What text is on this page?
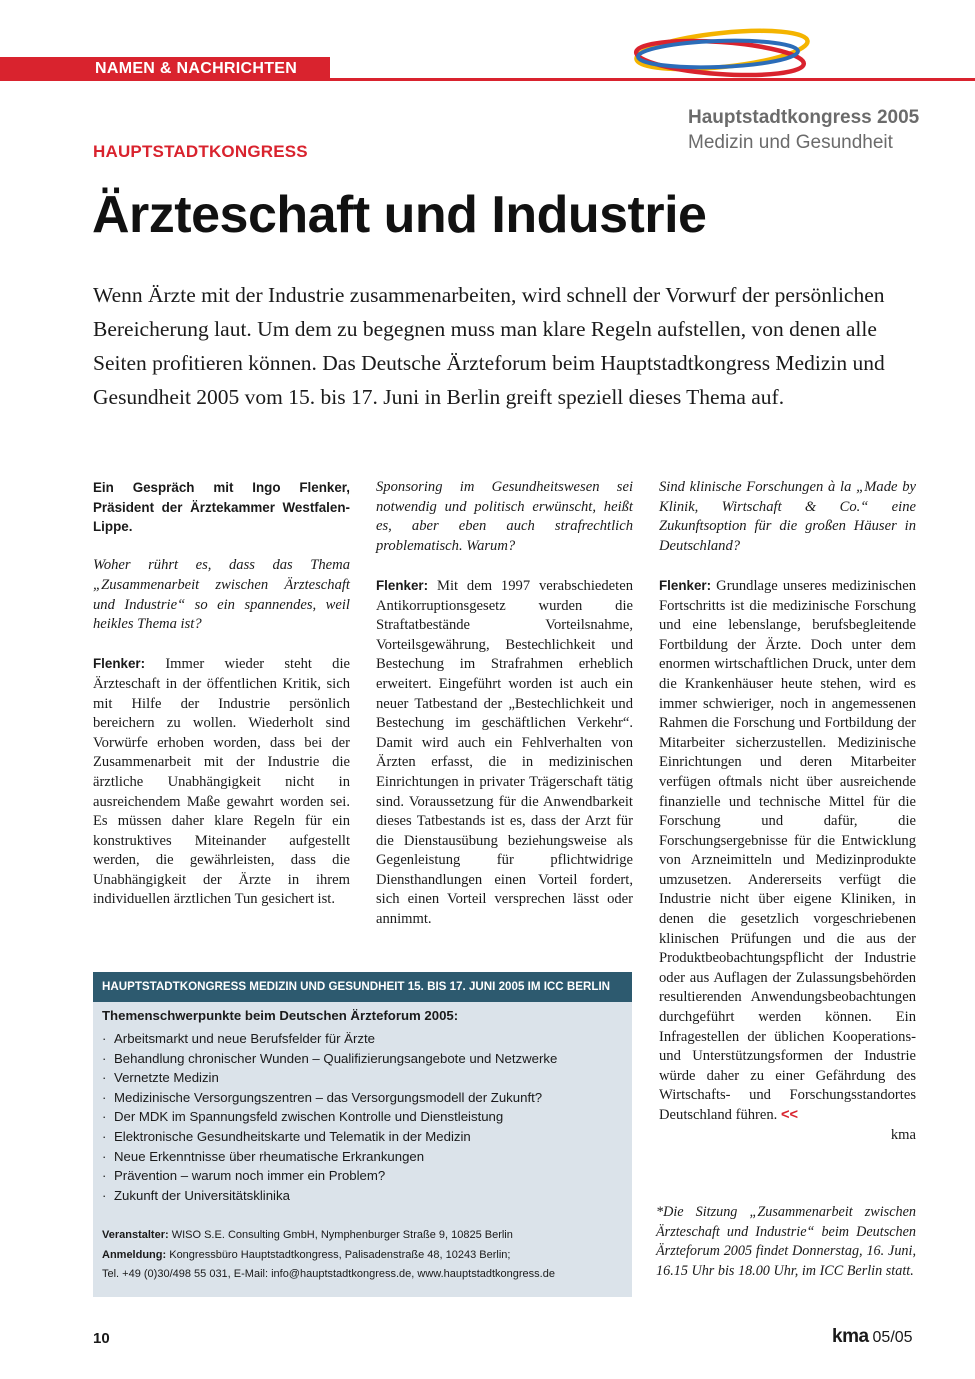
NAMEN & NACHRICHTEN
Hauptstadtkongress 2005
Medizin und Gesundheit
HAUPTSTADTKONGRESS
Ärzteschaft und Industrie
Wenn Ärzte mit der Industrie zusammenarbeiten, wird schnell der Vorwurf der persönlichen Bereicherung laut. Um dem zu begegnen muss man klare Regeln aufstellen, von denen alle Seiten profitieren können. Das Deutsche Ärzteforum beim Hauptstadtkongress Medizin und Gesundheit 2005 vom 15. bis 17. Juni in Berlin greift speziell dieses Thema auf.

Ein Gespräch mit Ingo Flenker, Präsident der Ärztekammer Westfalen-Lippe.

Woher rührt es, dass das Thema „Zusammenarbeit zwischen Ärzteschaft und Industrie“ so ein spannendes, weil heikles Thema ist?

Flenker: Immer wieder steht die Ärzteschaft in der öffentlichen Kritik, sich mit Hilfe der Industrie persönlich bereichern zu wollen. Wiederholt sind Vorwürfe erhoben worden, dass bei der Zusammenarbeit mit der Industrie die ärztliche Unabhängigkeit nicht in ausreichendem Maße gewahrt worden sei. Es müssen daher klare Regeln für ein konstruktives Miteinander aufgestellt werden, die gewährleisten, dass die Unabhängigkeit der Ärzte in ihrem individuellen ärztlichen Tun gesichert ist.

Sponsoring im Gesundheitswesen sei notwendig und politisch erwünscht, heißt es, aber eben auch strafrechtlich problematisch. Warum?

Flenker: Mit dem 1997 verabschiedeten Antikorruptionsgesetz wurden die Straftatbestände Vorteilsnahme, Vorteilsgewährung, Bestechlichkeit und Bestechung im Strafrahmen erheblich erweitert. Eingeführt worden ist auch ein neuer Tatbestand der „Bestechlichkeit und Bestechung im geschäftlichen Verkehr“. Damit wird auch ein Fehlverhalten von Ärzten erfasst, die in medizinischen Einrichtungen in privater Trägerschaft tätig sind. Voraussetzung für die Anwendbarkeit dieses Tatbestands ist es, dass der Arzt für die Dienstausübung beziehungsweise als Gegenleistung für pflichtwidrige Diensthandlungen einen Vorteil fordert, sich einen Vorteil versprechen lässt oder annimmt.

Sind klinische Forschungen à la „Made by Klinik, Wirtschaft & Co.“ eine Zukunftsoption für die großen Häuser in Deutschland?

Flenker: Grundlage unseres medizinischen Fortschritts ist die medizinische Forschung und eine lebenslange, berufsbegleitende Fortbildung der Ärzte. Doch unter dem enormen wirtschaftlichen Druck, unter dem die Krankenhäuser heute stehen, wird es immer schwieriger, noch in angemessenen Rahmen die Forschung und Fortbildung der Mitarbeiter sicherzustellen. Medizinische Einrichtungen und deren Mitarbeiter verfügen oftmals nicht über ausreichende finanzielle und technische Mittel für die Forschung und dafür, die Forschungsergebnisse für die Entwicklung von Arzneimitteln und Medizinprodukte umzusetzen. Andererseits verfügt die Industrie nicht über eigene Kliniken, in denen die gesetzlich vorgeschriebenen klinischen Prüfungen und die aus der Produktbeobachtungspflicht der Industrie oder aus Auflagen der Zulassungsbehörden resultierenden Anwendungsbeobachtungen durchgeführt werden können. Ein Infragestellen der üblichen Kooperations- und Unterstützungsformen der Industrie würde daher zu einer Gefährdung des Wirtschafts- und Forschungsstandortes Deutschland führen. <<

kma
*Die Sitzung „Zusammenarbeit zwischen Ärzteschaft und Industrie“ beim Deutschen Ärzteforum 2005 findet Donnerstag, 16. Juni, 16.15 Uhr bis 18.00 Uhr, im ICC Berlin statt.
HAUPTSTADTKONGRESS MEDIZIN UND GESUNDHEIT 15. BIS 17. JUNI 2005 IM ICC BERLIN
Themenschwerpunkte beim Deutschen Ärzteforum 2005:
· Arbeitsmarkt und neue Berufsfelder für Ärzte
· Behandlung chronischer Wunden – Qualifizierungsangebote und Netzwerke
· Vernetzte Medizin
· Medizinische Versorgungszentren – das Versorgungsmodell der Zukunft?
· Der MDK im Spannungsfeld zwischen Kontrolle und Dienstleistung
· Elektronische Gesundheitskarte und Telematik in der Medizin
· Neue Erkenntnisse über rheumatische Erkrankungen
· Prävention – warum noch immer ein Problem?
· Zukunft der Universitätsklinika
Veranstalter: WISO S.E. Consulting GmbH, Nymphenburger Straße 9, 10825 Berlin
Anmeldung: Kongressbüro Hauptstadtkongress, Palisadenstraße 48, 10243 Berlin;
Tel. +49 (0)30/498 55 031, E-Mail: info@hauptstadtkongress.de, www.hauptstadtkongress.de
10	kma 05/05
